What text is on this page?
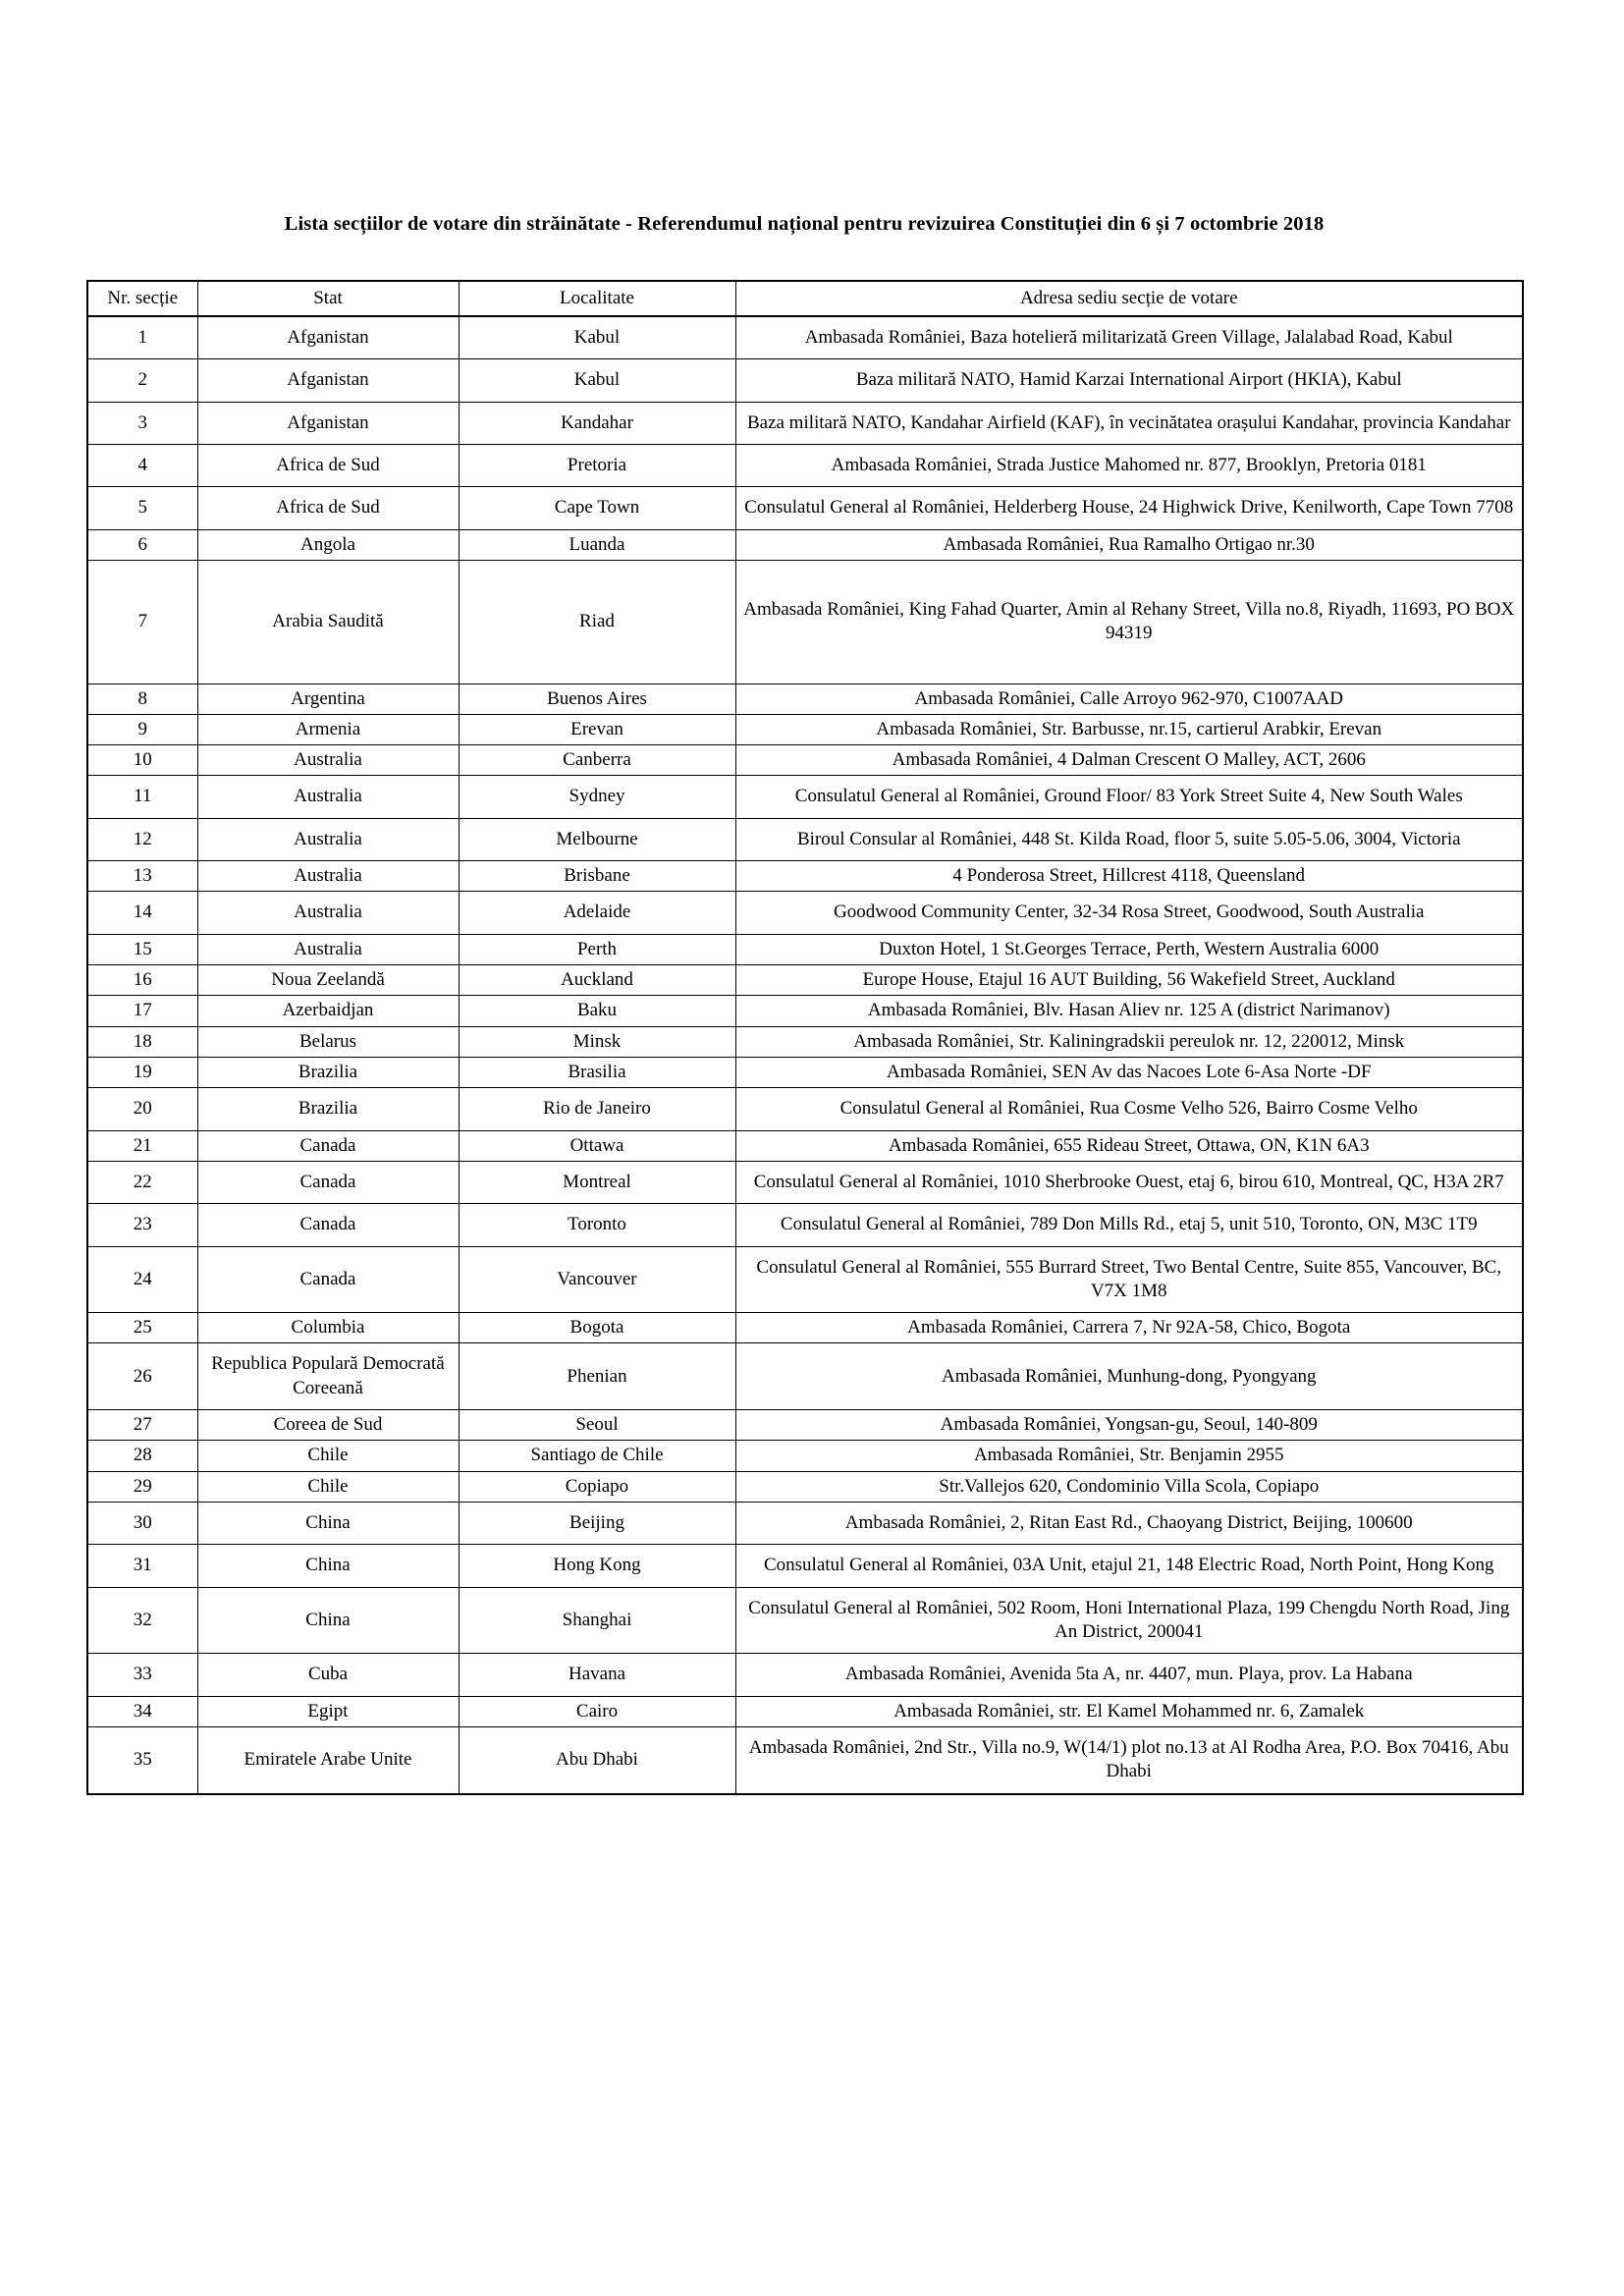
Lista secțiilor de votare din străinătate - Referendumul național pentru revizuirea Constituției din 6 și 7 octombrie 2018
Nr. secție	Stat	Localitate	Adresa sediu secție de votare
1	Afganistan	Kabul	Ambasada României, Baza hotelieră militarizată Green Village, Jalalabad Road, Kabul
2	Afganistan	Kabul	Baza militară NATO, Hamid Karzai International Airport (HKIA), Kabul
3	Afganistan	Kandahar	Baza militară NATO, Kandahar Airfield (KAF), în vecinătatea orașului Kandahar, provincia Kandahar
4	Africa de Sud	Pretoria	Ambasada României, Strada Justice Mahomed nr. 877, Brooklyn, Pretoria 0181
5	Africa de Sud	Cape Town	Consulatul General al României, Helderberg House, 24 Highwick Drive, Kenilworth, Cape Town 7708
6	Angola	Luanda	Ambasada României, Rua Ramalho Ortigao nr.30
7	Arabia Saudită	Riad	Ambasada României, King Fahad Quarter, Amin al Rehany Street, Villa no.8, Riyadh, 11693, PO BOX 94319
8	Argentina	Buenos Aires	Ambasada României, Calle Arroyo 962-970, C1007AAD
9	Armenia	Erevan	Ambasada României, Str. Barbusse, nr.15, cartierul Arabkir, Erevan
10	Australia	Canberra	Ambasada României, 4 Dalman Crescent O Malley, ACT, 2606
11	Australia	Sydney	Consulatul General al României, Ground Floor/ 83 York Street Suite 4, New South Wales
12	Australia	Melbourne	Biroul Consular al României, 448 St. Kilda Road, floor 5, suite 5.05-5.06, 3004, Victoria
13	Australia	Brisbane	4 Ponderosa Street, Hillcrest 4118, Queensland
14	Australia	Adelaide	Goodwood Community Center, 32-34 Rosa Street, Goodwood, South Australia
15	Australia	Perth	Duxton Hotel, 1 St.Georges Terrace, Perth, Western Australia 6000
16	Noua Zeelandă	Auckland	Europe House, Etajul 16 AUT Building, 56 Wakefield Street, Auckland
17	Azerbaidjan	Baku	Ambasada României, Blv. Hasan Aliev nr. 125 A (district Narimanov)
18	Belarus	Minsk	Ambasada României, Str. Kaliningradskii pereulok nr. 12, 220012, Minsk
19	Brazilia	Brasilia	Ambasada României, SEN Av das Nacoes Lote 6-Asa Norte -DF
20	Brazilia	Rio de Janeiro	Consulatul General al României, Rua Cosme Velho 526, Bairro Cosme Velho
21	Canada	Ottawa	Ambasada României, 655 Rideau Street, Ottawa, ON, K1N 6A3
22	Canada	Montreal	Consulatul General al României, 1010 Sherbrooke Ouest, etaj 6, birou 610, Montreal, QC, H3A 2R7
23	Canada	Toronto	Consulatul General al României, 789 Don Mills Rd., etaj 5, unit 510, Toronto, ON, M3C 1T9
24	Canada	Vancouver	Consulatul General al României, 555 Burrard Street, Two Bental Centre, Suite 855, Vancouver, BC, V7X 1M8
25	Columbia	Bogota	Ambasada României, Carrera 7, Nr 92A-58, Chico, Bogota
26	Republica Populară Democrată Coreeană	Phenian	Ambasada României, Munhung-dong, Pyongyang
27	Coreea de Sud	Seoul	Ambasada României, Yongsan-gu, Seoul, 140-809
28	Chile	Santiago de Chile	Ambasada României, Str. Benjamin 2955
29	Chile	Copiapo	Str.Vallejos 620, Condominio Villa Scola, Copiapo
30	China	Beijing	Ambasada României, 2, Ritan East Rd., Chaoyang District, Beijing, 100600
31	China	Hong Kong	Consulatul General al României, 03A Unit, etajul 21, 148 Electric Road, North Point, Hong Kong
32	China	Shanghai	Consulatul General al României, 502 Room, Honi International Plaza, 199 Chengdu North Road, Jing An District, 200041
33	Cuba	Havana	Ambasada României, Avenida 5ta A, nr. 4407, mun. Playa, prov. La Habana
34	Egipt	Cairo	Ambasada României, str. El Kamel Mohammed nr. 6, Zamalek
35	Emiratele Arabe Unite	Abu Dhabi	Ambasada României, 2nd Str., Villa no.9, W(14/1) plot no.13 at Al Rodha Area, P.O. Box 70416, Abu Dhabi
